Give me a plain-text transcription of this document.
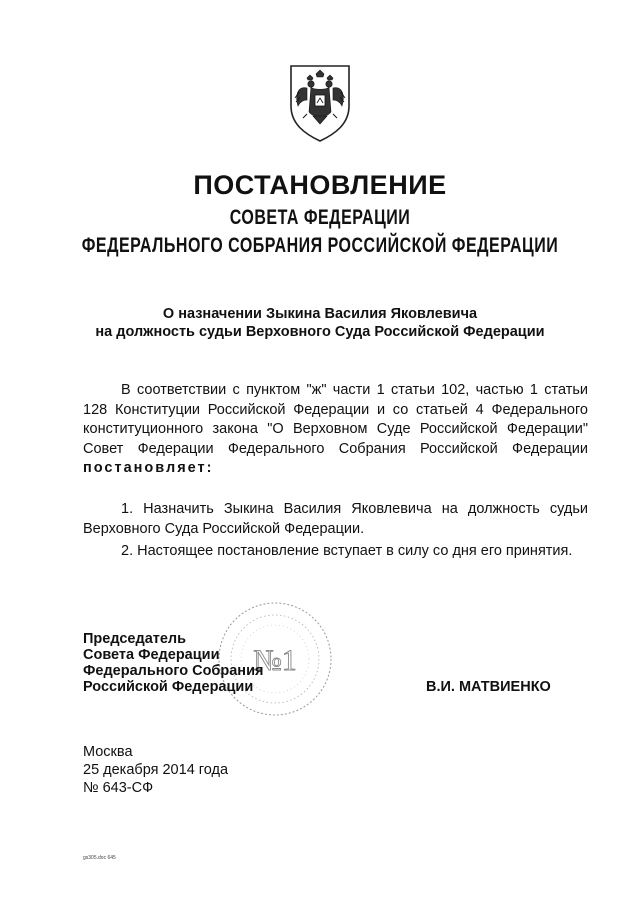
ПОСТАНОВЛЕНИЕ
СОВЕТА ФЕДЕРАЦИИ
ФЕДЕРАЛЬНОГО СОБРАНИЯ РОССИЙСКОЙ ФЕДЕРАЦИИ
О назначении Зыкина Василия Яковлевича
на должность судьи Верховного Суда Российской Федерации
В соответствии с пунктом "ж" части 1 статьи 102, частью 1 статьи 128 Конституции Российской Федерации и со статьей 4 Федерального конституционного закона "О Верховном Суде Российской Федерации" Совет Федерации Федерального Собрания Российской Федерации постановляет:
1. Назначить Зыкина Василия Яковлевича на должность судьи Верховного Суда Российской Федерации.
2. Настоящее постановление вступает в силу со дня его принятия.
№1
Председатель
Совета Федерации
Федерального Собрания
Российской Федерации	В.И. МАТВИЕНКО
Москва
25 декабря 2014 года
№ 643-СФ
gs305.doc 645
